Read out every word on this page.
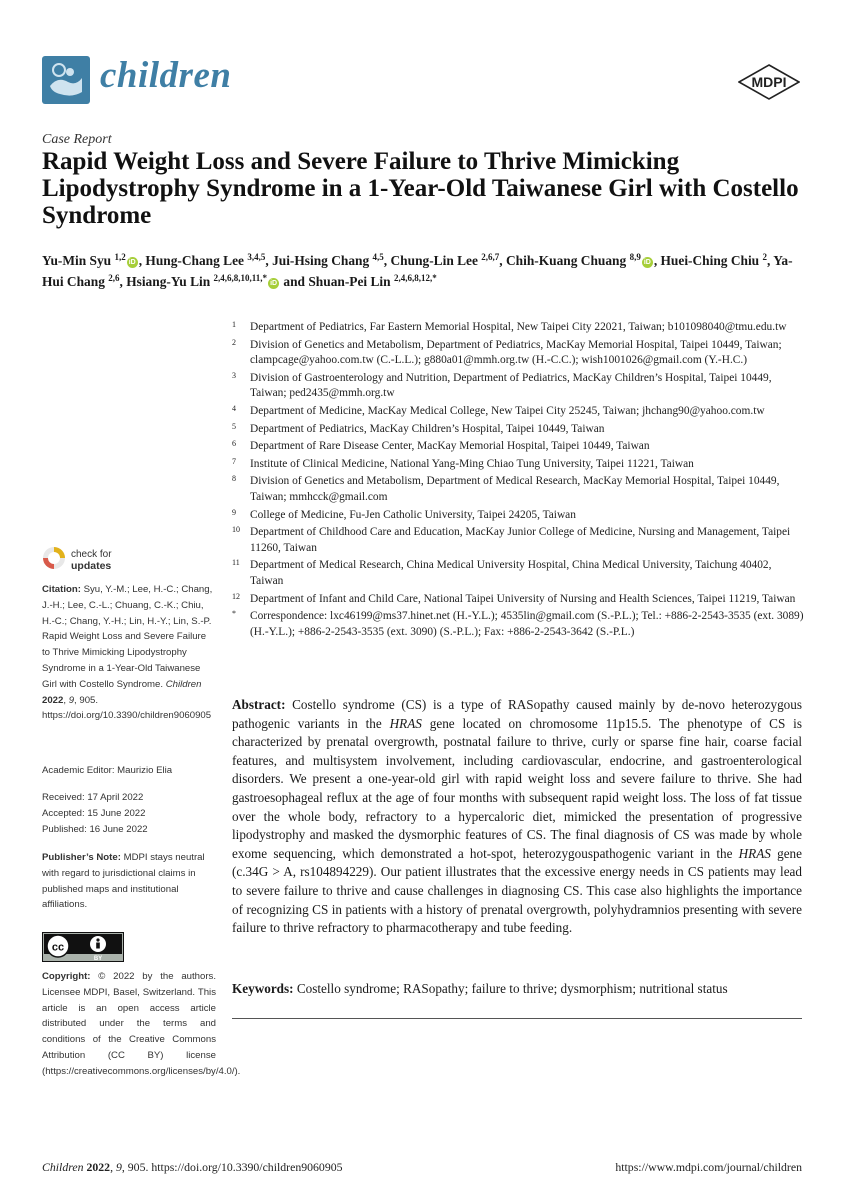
children	MDPI
Case Report
Rapid Weight Loss and Severe Failure to Thrive Mimicking Lipodystrophy Syndrome in a 1-Year-Old Taiwanese Girl with Costello Syndrome

Yu-Min Syu $^{1,2}$iD , Hung-Chang Lee $^{3,4,5}$, Jui-Hsing Chang $^{4,5}$, Chung-Lin Lee $^{2,6,7}$, Chih-Kuang Chuang $^{8,9}$iD , Huei-Ching Chiu $^2$, Ya-Hui Chang $^{2,6}$, Hsiang-Yu Lin $^{2,4,6,8,10,11,*}$iD and Shuan-Pei Lin $^{2,4,6,8,12,*}$

1 Department of Pediatrics, Far Eastern Memorial Hospital, New Taipei City 22021, Taiwan; b101098040@tmu.edu.tw
2 Division of Genetics and Metabolism, Department of Pediatrics, MacKay Memorial Hospital, Taipei 10449, Taiwan; clampcage@yahoo.com.tw (C.-L.L.); g880a01@mmh.org.tw (H.-C.C.); wish1001026@gmail.com (Y.-H.C.)
3 Division of Gastroenterology and Nutrition, Department of Pediatrics, MacKay Children’s Hospital, Taipei 10449, Taiwan; ped2435@mmh.org.tw
4 Department of Medicine, MacKay Medical College, New Taipei City 25245, Taiwan; jhchang90@yahoo.com.tw
5 Department of Pediatrics, MacKay Children’s Hospital, Taipei 10449, Taiwan
6 Department of Rare Disease Center, MacKay Memorial Hospital, Taipei 10449, Taiwan
7 Institute of Clinical Medicine, National Yang-Ming Chiao Tung University, Taipei 11221, Taiwan
8 Division of Genetics and Metabolism, Department of Medical Research, MacKay Memorial Hospital, Taipei 10449, Taiwan; mmhcck@gmail.com
9 College of Medicine, Fu-Jen Catholic University, Taipei 24205, Taiwan
10 Department of Childhood Care and Education, MacKay Junior College of Medicine, Nursing and Management, Taipei 11260, Taiwan
11 Department of Medical Research, China Medical University Hospital, China Medical University, Taichung 40402, Taiwan
12 Department of Infant and Child Care, National Taipei University of Nursing and Health Sciences, Taipei 11219, Taiwan
* Correspondence: lxc46199@ms37.hinet.net (H.-Y.L.); 4535lin@gmail.com (S.-P.L.); Tel.: +886-2-2543-3535 (ext. 3089) (H.-Y.L.); +886-2-2543-3535 (ext. 3090) (S.-P.L.); Fax: +886-2-2543-3642 (S.-P.L.)
check for
updates
Citation: Syu, Y.-M.; Lee, H.-C.; Chang, J.-H.; Lee, C.-L.; Chuang, C.-K.; Chiu, H.-C.; Chang, Y.-H.; Lin, H.-Y.; Lin, S.-P. Rapid Weight Loss and Severe Failure to Thrive Mimicking Lipodystrophy Syndrome in a 1-Year-Old Taiwanese Girl with Costello Syndrome. Children 2022, 9, 905. https://doi.org/10.3390/children9060905
Academic Editor: Maurizio Elia
Received: 17 April 2022
Accepted: 15 June 2022
Published: 16 June 2022
Publisher’s Note: MDPI stays neutral with regard to jurisdictional claims in published maps and institutional affiliations.
cc
BY
Copyright: © 2022 by the authors. Licensee MDPI, Basel, Switzerland. This article is an open access article distributed under the terms and conditions of the Creative Commons Attribution (CC BY) license (https://creativecommons.org/licenses/by/4.0/).

Abstract: Costello syndrome (CS) is a type of RASopathy caused mainly by de-novo heterozygous pathogenic variants in the HRAS gene located on chromosome 11p15.5. The phenotype of CS is characterized by prenatal overgrowth, postnatal failure to thrive, curly or sparse fine hair, coarse facial features, and multisystem involvement, including cardiovascular, endocrine, and gastroenterological disorders. We present a one-year-old girl with rapid weight loss and severe failure to thrive. She had gastroesophageal reflux at the age of four months with subsequent rapid weight loss. The loss of fat tissue over the whole body, refractory to a hypercaloric diet, mimicked the presentation of progressive lipodystrophy and masked the dysmorphic features of CS. The final diagnosis of CS was made by whole exome sequencing, which demonstrated a hot-spot, heterozygouspathogenic variant in the HRAS gene (c.34G > A, rs104894229). Our patient illustrates that the excessive energy needs in CS patients may lead to severe failure to thrive and cause challenges in diagnosing CS. This case also highlights the importance of recognizing CS in patients with a history of prenatal overgrowth, polyhydramnios presenting with severe failure to thrive refractory to pharmacotherapy and tube feeding.

Keywords: Costello syndrome; RASopathy; failure to thrive; dysmorphism; nutritional status

Children 2022, 9, 905. https://doi.org/10.3390/children9060905	https://www.mdpi.com/journal/children
